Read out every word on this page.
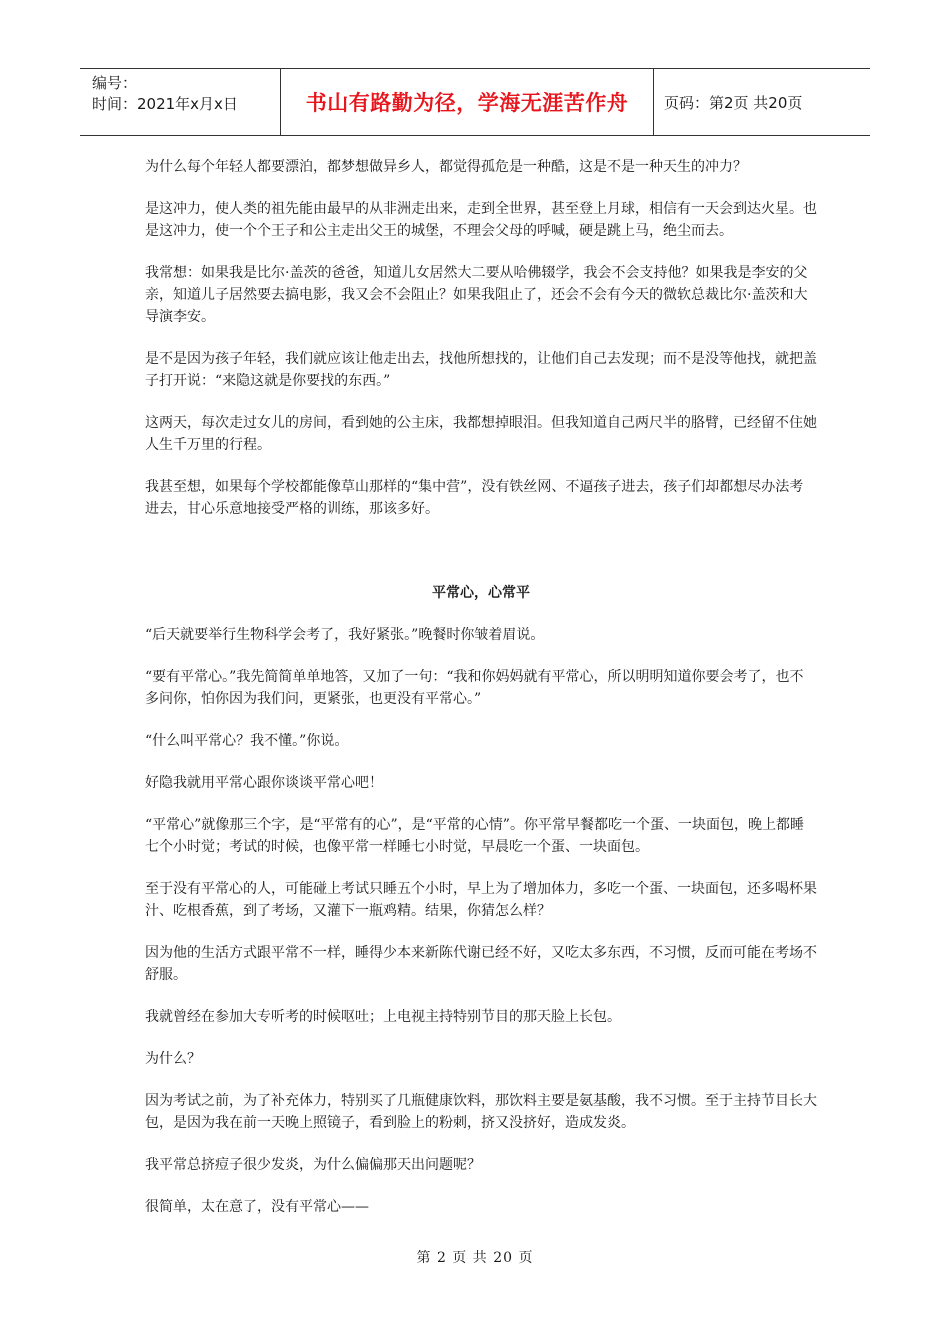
编号：
时间：2021年x月x日	书山有路勤为径，学海无涯苦作舟	页码：第2页 共20页

为什么每个年轻人都要漂泊，都梦想做异乡人，都觉得孤危是一种酷，这是不是一种天生的冲力？

是这冲力，使人类的祖先能由最早的从非洲走出来，走到全世界，甚至登上月球，相信有一天会到达火星。也是这冲力，使一个个王子和公主走出父王的城堡，不理会父母的呼喊，硬是跳上马，绝尘而去。

我常想：如果我是比尔·盖茨的爸爸，知道儿女居然大二要从哈佛辍学，我会不会支持他？如果我是李安的父亲，知道儿子居然要去搞电影，我又会不会阻止？如果我阻止了，还会不会有今天的微软总裁比尔·盖茨和大导演李安。

是不是因为孩子年轻，我们就应该让他走出去，找他所想找的，让他们自己去发现；而不是没等他找，就把盖子打开说：“来隐这就是你要找的东西。”

这两天，每次走过女儿的房间，看到她的公主床，我都想掉眼泪。但我知道自己两尺半的胳臂，已经留不住她人生千万里的行程。

我甚至想，如果每个学校都能像草山那样的“集中营”，没有铁丝网、不逼孩子进去，孩子们却都想尽办法考进去，甘心乐意地接受严格的训练，那该多好。

平常心，心常平

“后天就要举行生物科学会考了，我好紧张。”晚餐时你皱着眉说。

“要有平常心。”我先简简单单地答，又加了一句：“我和你妈妈就有平常心，所以明明知道你要会考了，也不多问你，怕你因为我们问，更紧张，也更没有平常心。”

“什么叫平常心？我不懂。”你说。

好隐我就用平常心跟你谈谈平常心吧！

“平常心”就像那三个字，是“平常有的心”，是“平常的心情”。你平常早餐都吃一个蛋、一块面包，晚上都睡七个小时觉；考试的时候，也像平常一样睡七小时觉，早晨吃一个蛋、一块面包。

至于没有平常心的人，可能碰上考试只睡五个小时，早上为了增加体力，多吃一个蛋、一块面包，还多喝杯果汁、吃根香蕉，到了考场，又灌下一瓶鸡精。结果，你猜怎么样？

因为他的生活方式跟平常不一样，睡得少本来新陈代谢已经不好，又吃太多东西，不习惯，反而可能在考场不舒服。

我就曾经在参加大专听考的时候呕吐；上电视主持特别节目的那天脸上长包。

为什么？

因为考试之前，为了补充体力，特别买了几瓶健康饮料，那饮料主要是氨基酸，我不习惯。至于主持节目长大包，是因为我在前一天晚上照镜子，看到脸上的粉刺，挤又没挤好，造成发炎。

我平常总挤痘子很少发炎，为什么偏偏那天出问题呢？

很简单，太在意了，没有平常心——

第 2 页 共 20 页
